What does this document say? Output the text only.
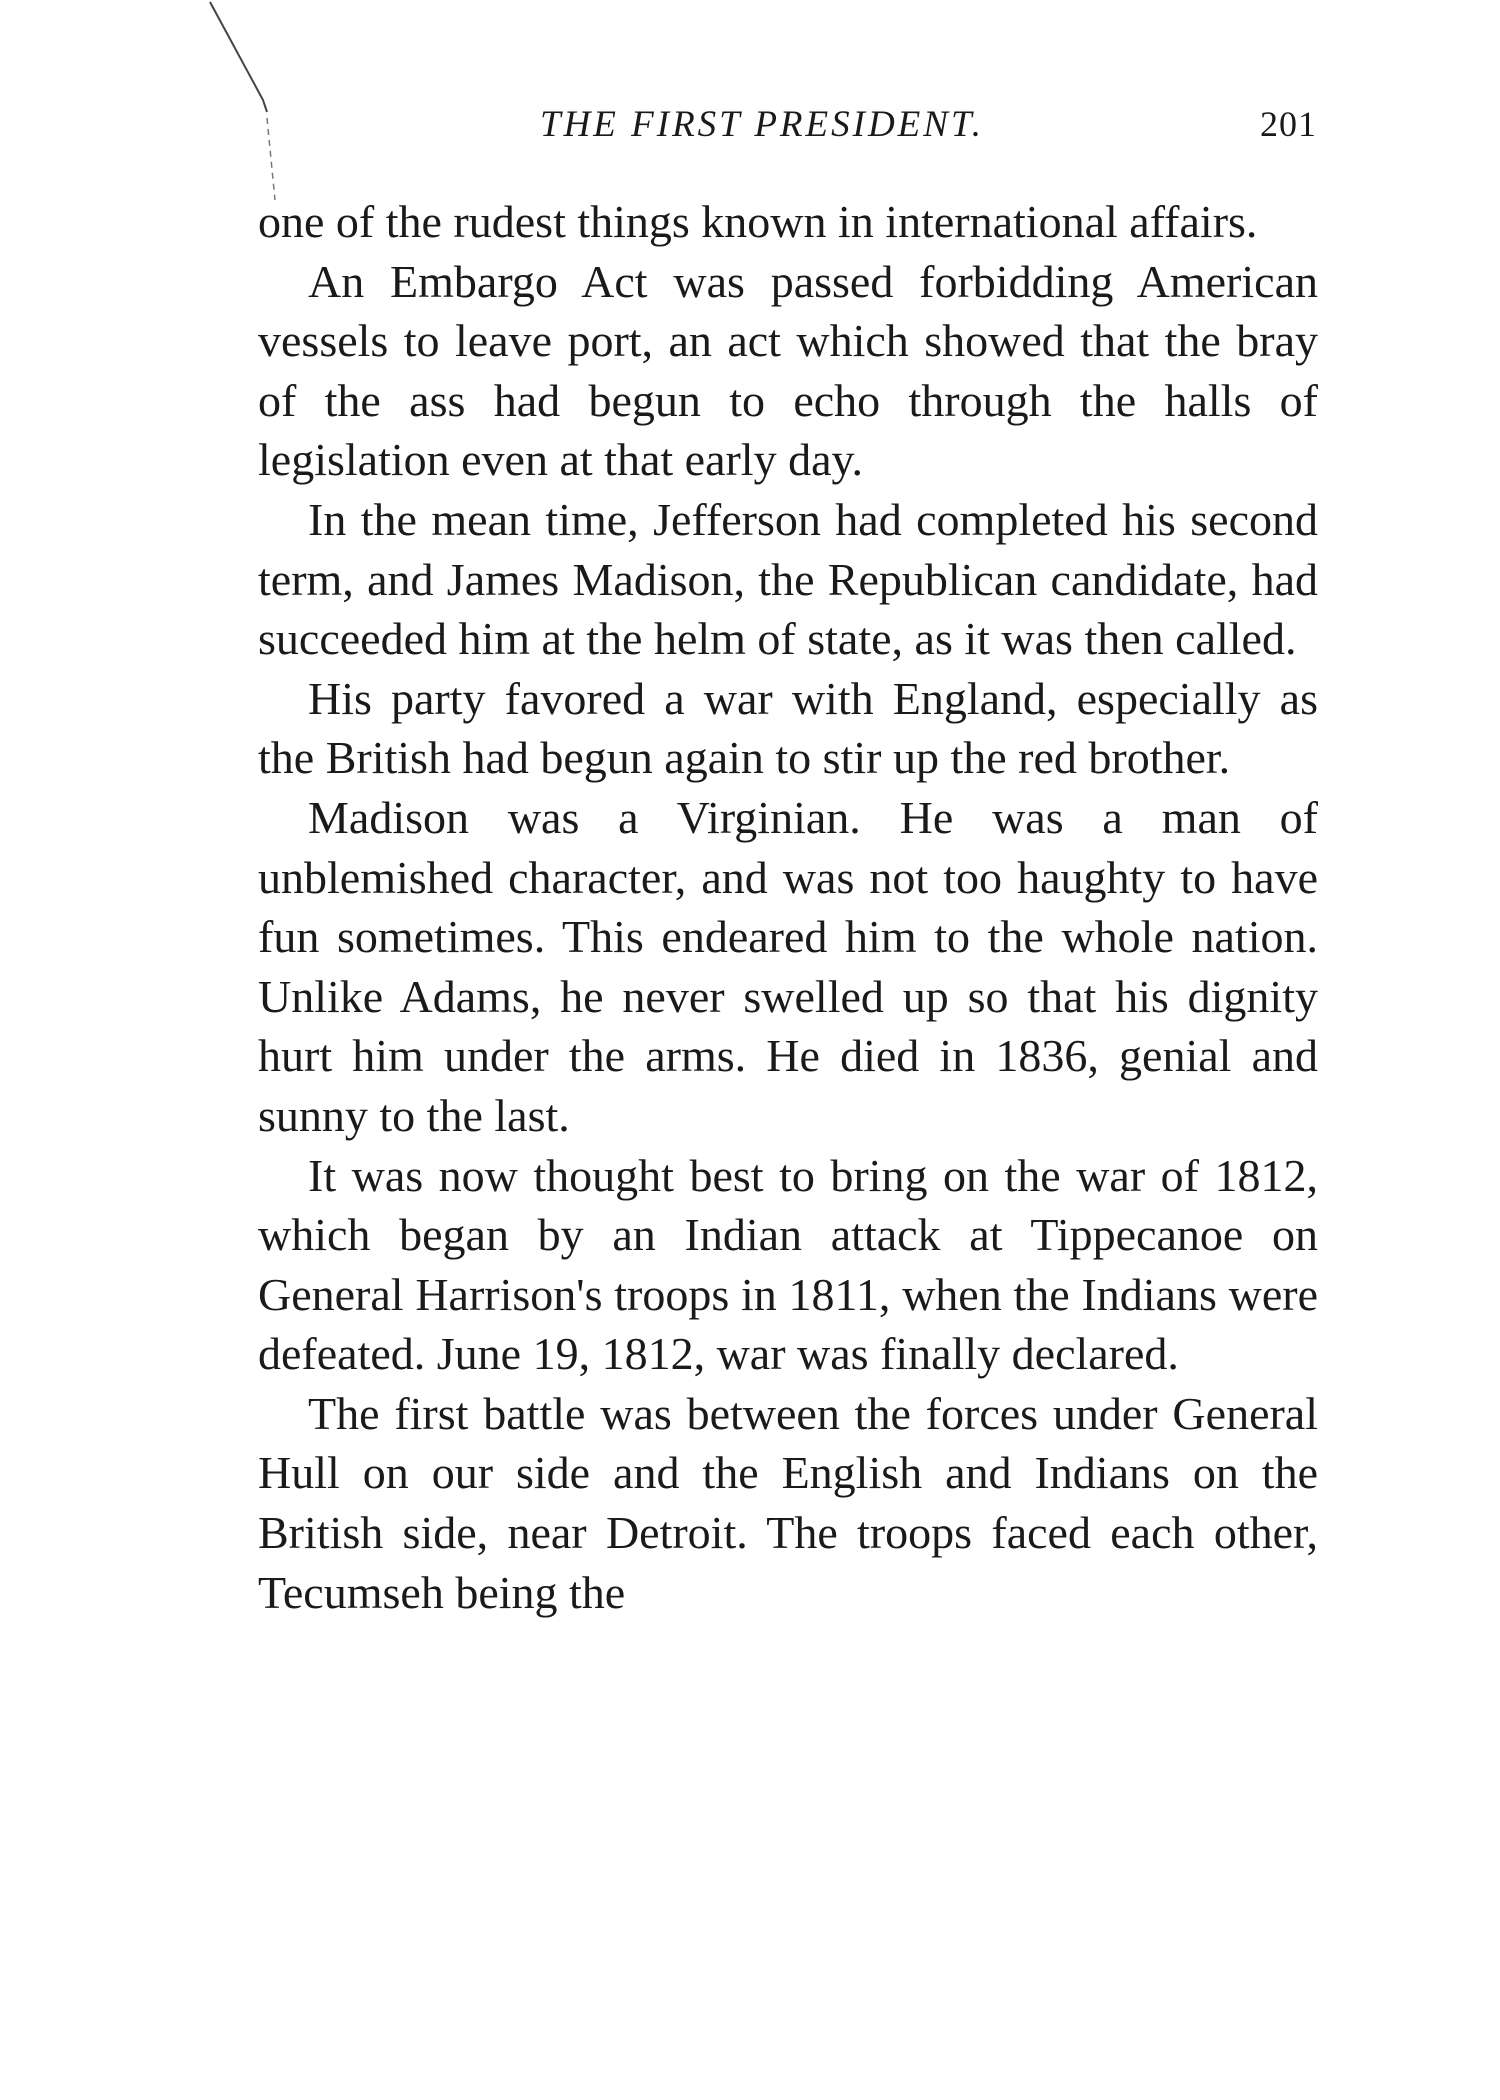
THE FIRST PRESIDENT.	201

one of the rudest things known in international affairs.

An Embargo Act was passed forbidding American vessels to leave port, an act which showed that the bray of the ass had begun to echo through the halls of legislation even at that early day.

In the mean time, Jefferson had completed his second term, and James Madison, the Republican candidate, had succeeded him at the helm of state, as it was then called.

His party favored a war with England, especially as the British had begun again to stir up the red brother.

Madison was a Virginian. He was a man of unblemished character, and was not too haughty to have fun sometimes. This endeared him to the whole nation. Unlike Adams, he never swelled up so that his dignity hurt him under the arms. He died in 1836, genial and sunny to the last.

It was now thought best to bring on the war of 1812, which began by an Indian attack at Tippecanoe on General Harrison's troops in 1811, when the Indians were defeated. June 19, 1812, war was finally declared.

The first battle was between the forces under General Hull on our side and the English and Indians on the British side, near Detroit. The troops faced each other, Tecumseh being the
